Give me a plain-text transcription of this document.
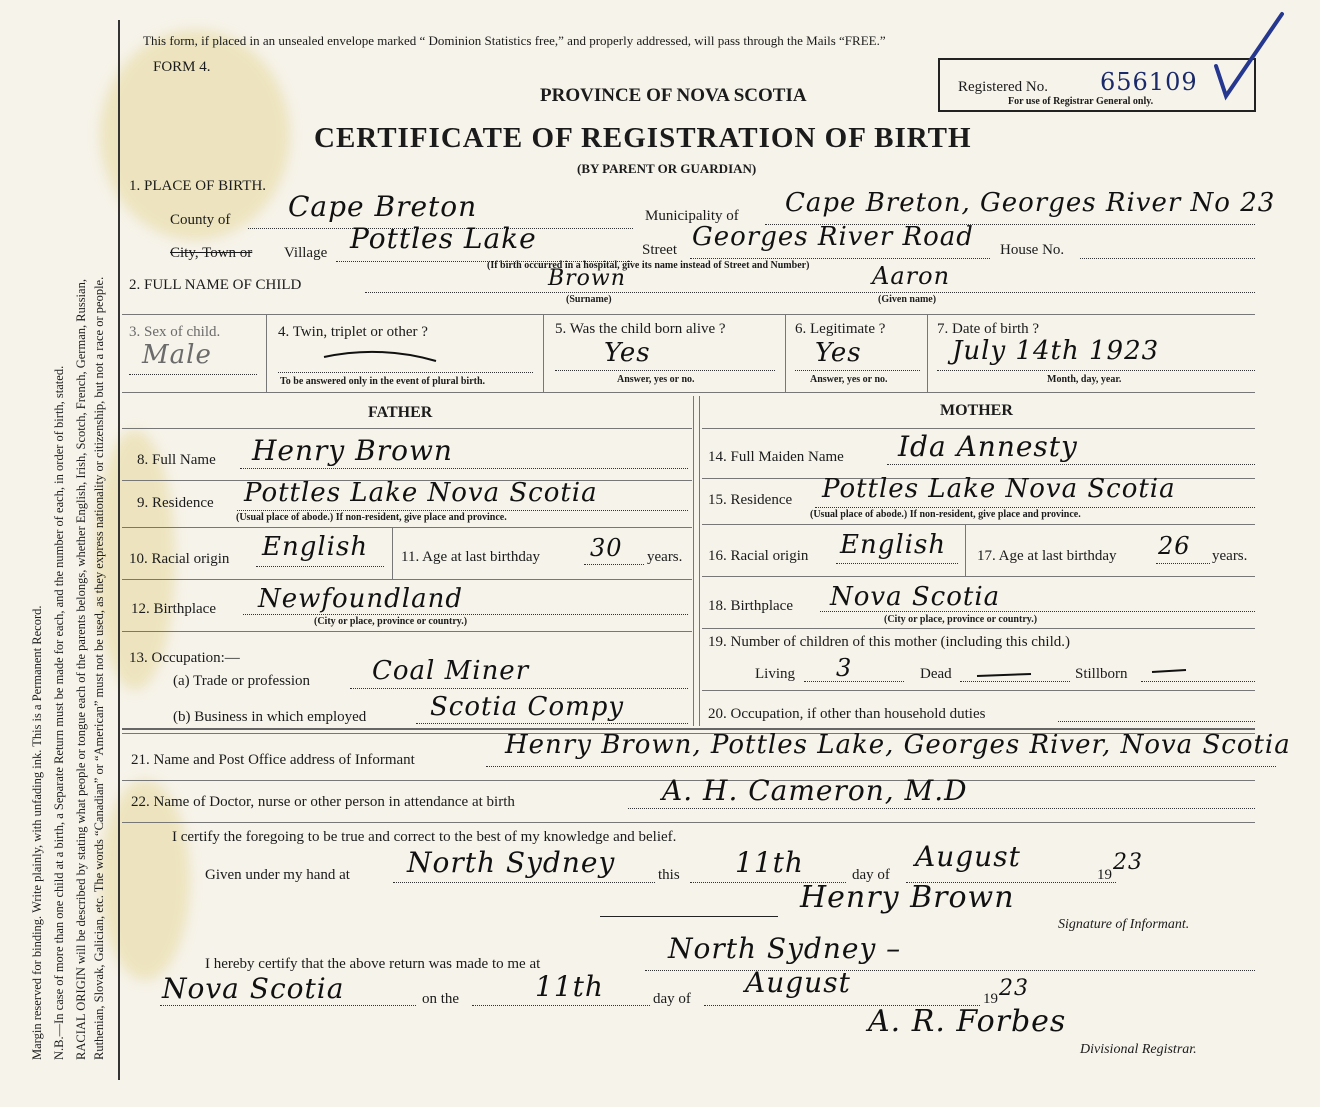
Margin reserved for binding. Write plainly, with unfading ink. This is a Permanent Record. N.B.—In case of more than one child at a birth, a Separate Return must be made for each, and the number of each, in order of birth, stated. RACIAL ORIGIN will be described by stating what people or tongue each of the parents belongs, whether English, Irish, Scotch, French, German, Russian, Ruthenian, Slovak, Galician, etc. The words “Canadian” or “American” must not be used, as they express nationality or citizenship, but not a race or people.
This form, if placed in an unsealed envelope marked “ Dominion Statistics free,” and properly addressed, will pass through the Mails “FREE.”
FORM 4.
PROVINCE OF NOVA SCOTIA
CERTIFICATE OF REGISTRATION OF BIRTH
(BY PARENT OR GUARDIAN)
Registered No. 656109
For use of Registrar General only.
1. PLACE OF BIRTH.
County of Cape Breton	Municipality of Cape Breton, Georges River No 23
City, Town or Village Pottles Lake	Street Georges River Road House No.
(If birth occurred in a hospital, give its name instead of Street and Number)
2. FULL NAME OF CHILD	Brown	Aaron
(Surname)	(Given name)
3. Sex of child.
Male
4. Twin, triplet or other ?
To be answered only in the event of plural birth.
5. Was the child born alive ?
Yes
Answer, yes or no.
6. Legitimate ?
Yes
Answer, yes or no.
7. Date of birth ?
July 14th 1923
Month, day, year.
FATHER	MOTHER
8. Full Name Henry Brown
9. Residence Pottles Lake Nova Scotia
(Usual place of abode.) If non-resident, give place and province.
10. Racial origin English 11. Age at last birthday 30 years.
12. Birthplace Newfoundland
(City or place, province or country.)
13. Occupation:—
(a) Trade or profession Coal Miner
(b) Business in which employed Scotia Compy
14. Full Maiden Name Ida Annesty
15. Residence Pottles Lake Nova Scotia
(Usual place of abode.) If non-resident, give place and province.
16. Racial origin English 17. Age at last birthday 26 years.
18. Birthplace Nova Scotia
(City or place, province or country.)
19. Number of children of this mother (including this child.)
Living 3	Dead	Stillborn
20. Occupation, if other than household duties
21. Name and Post Office address of Informant	Henry Brown, Pottles Lake, Georges River, Nova Scotia
22. Name of Doctor, nurse or other person in attendance at birth	A. H. Cameron, M.D
I certify the foregoing to be true and correct to the best of my knowledge and belief.
Given under my hand at North Sydney	this 11th	day of
August
19 23
Henry Brown
Signature of Informant.
I hereby certify that the above return was made to me at	North Sydney –
Nova Scotia	on the	11th	day of August	19 23
A. R. Forbes
Divisional Registrar.
